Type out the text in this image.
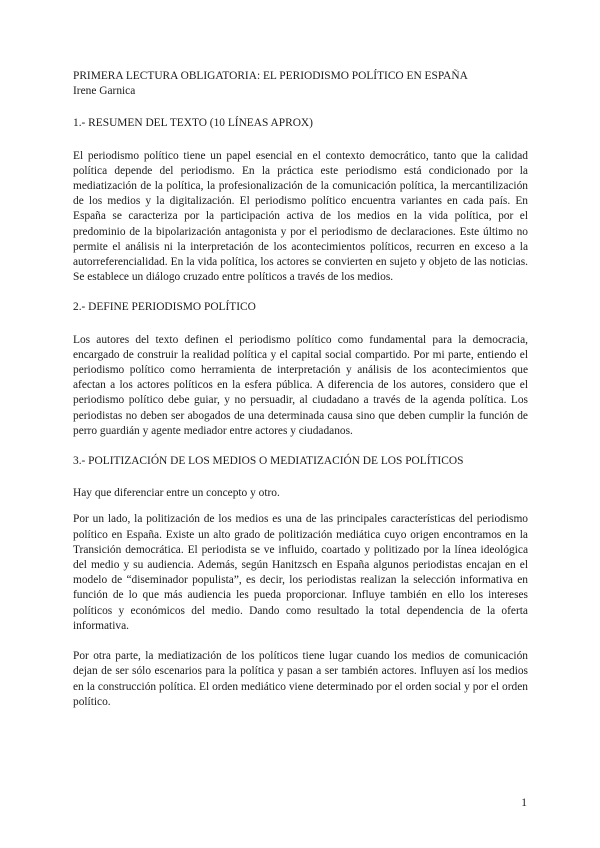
PRIMERA LECTURA OBLIGATORIA: EL PERIODISMO POLÍTICO EN ESPAÑA
Irene Garnica
1.- RESUMEN DEL TEXTO (10 LÍNEAS APROX)

El periodismo político tiene un papel esencial en el contexto democrático, tanto que la calidad política depende del periodismo. En la práctica este periodismo está condicionado por la mediatización de la política, la profesionalización de la comunicación política, la mercantilización de los medios y la digitalización. El periodismo político encuentra variantes en cada país. En España se caracteriza por la participación activa de los medios en la vida política, por el predominio de la bipolarización antagonista y por el periodismo de declaraciones. Este último no permite el análisis ni la interpretación de los acontecimientos políticos, recurren en exceso a la autorreferencialidad. En la vida política, los actores se convierten en sujeto y objeto de las noticias. Se establece un diálogo cruzado entre políticos a través de los medios.

2.- DEFINE PERIODISMO POLÍTICO

Los autores del texto definen el periodismo político como fundamental para la democracia, encargado de construir la realidad política y el capital social compartido. Por mi parte, entiendo el periodismo político como herramienta de interpretación y análisis de los acontecimientos que afectan a los actores políticos en la esfera pública. A diferencia de los autores, considero que el periodismo político debe guiar, y no persuadir, al ciudadano a través de la agenda política. Los periodistas no deben ser abogados de una determinada causa sino que deben cumplir la función de perro guardián y agente mediador entre actores y ciudadanos.

3.- POLITIZACIÓN DE LOS MEDIOS O MEDIATIZACIÓN DE LOS POLÍTICOS

Hay que diferenciar entre un concepto y otro.

Por un lado, la politización de los medios es una de las principales características del periodismo político en España. Existe un alto grado de politización mediática cuyo origen encontramos en la Transición democrática. El periodista se ve influido, coartado y politizado por la línea ideológica del medio y su audiencia. Además, según Hanitzsch en España algunos periodistas encajan en el modelo de “diseminador populista”, es decir, los periodistas realizan la selección informativa en función de lo que más audiencia les pueda proporcionar. Influye también en ello los intereses políticos y económicos del medio. Dando como resultado la total dependencia de la oferta informativa.

Por otra parte, la mediatización de los políticos tiene lugar cuando los medios de comunicación dejan de ser sólo escenarios para la política y pasan a ser también actores. Influyen así los medios en la construcción política. El orden mediático viene determinado por el orden social y por el orden político.

1
